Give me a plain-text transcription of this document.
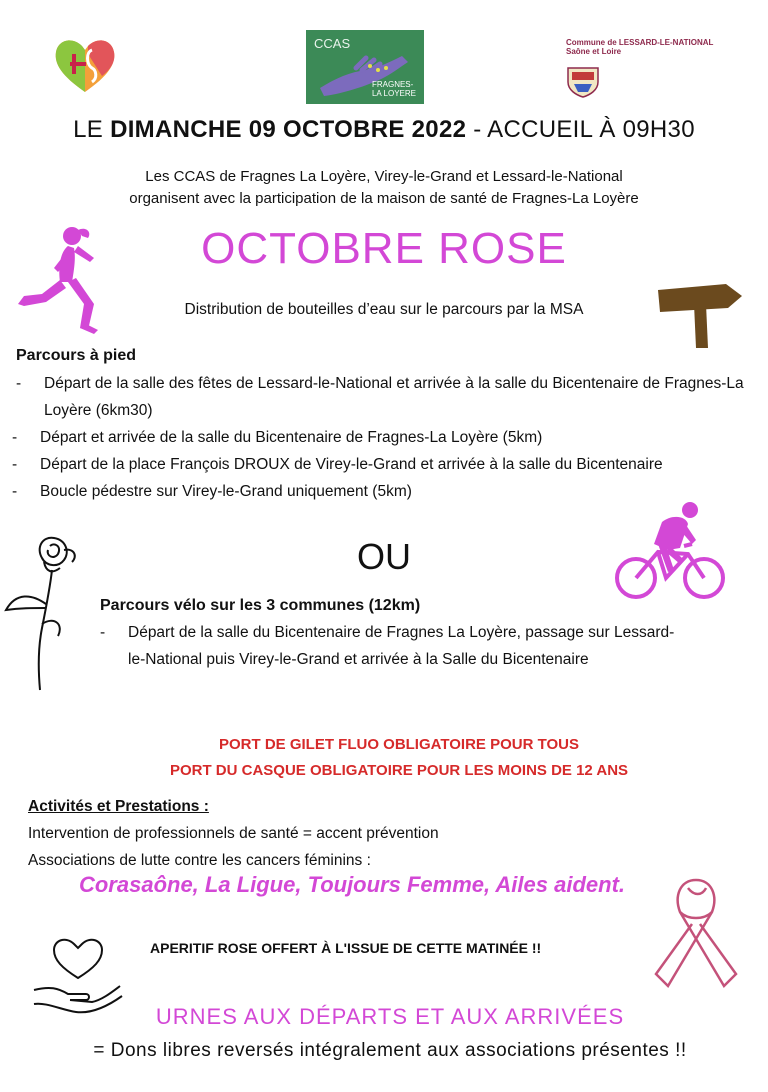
CCAS
FRAGNES-
LA LOYERE
Commune de LESSARD-LE-NATIONAL
Saône et Loire
LE DIMANCHE 09 OCTOBRE 2022 - ACCUEIL À 09H30
Les CCAS de Fragnes La Loyère, Virey-le-Grand et Lessard-le-National
organisent avec la participation de la maison de santé de Fragnes-La Loyère
OCTOBRE ROSE
Distribution de bouteilles d’eau sur le parcours par la MSA
Parcours à pied
- Départ de la salle des fêtes de Lessard-le-National et arrivée à la salle du Bicentenaire de Fragnes-La Loyère (6km30)
- Départ et arrivée de la salle du Bicentenaire de Fragnes-La Loyère (5km)
- Départ de la place François DROUX de Virey-le-Grand et arrivée à la salle du Bicentenaire
- Boucle pédestre sur Virey-le-Grand uniquement (5km)
OU
Parcours vélo sur les 3 communes (12km)
- Départ de la salle du Bicentenaire de Fragnes La Loyère, passage sur Lessard-le-National puis Virey-le-Grand et arrivée à la Salle du Bicentenaire
PORT DE GILET FLUO OBLIGATOIRE POUR TOUS
PORT DU CASQUE OBLIGATOIRE POUR LES MOINS DE 12 ANS
Activités et Prestations :
Intervention de professionnels de santé = accent prévention
Associations de lutte contre les cancers féminins :
Corasaône, La Ligue, Toujours Femme, Ailes aident.
APERITIF ROSE OFFERT À L'ISSUE DE CETTE MATINÉE !!
URNES AUX DÉPARTS ET AUX ARRIVÉES
= Dons libres reversés intégralement aux associations présentes !!
